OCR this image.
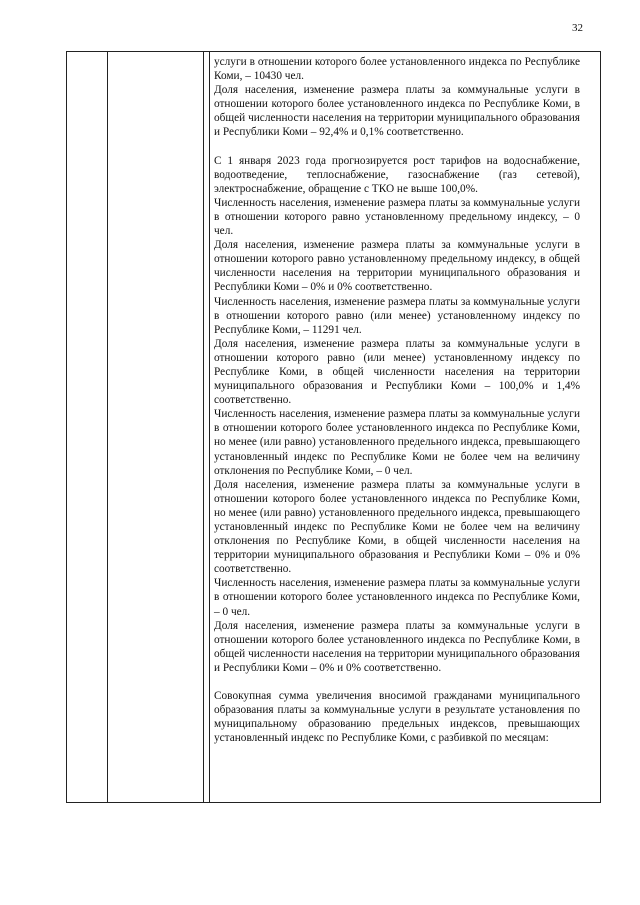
32

услуги в отношении которого более установленного индекса по Республике Коми, – 10430 чел.

Доля населения, изменение размера платы за коммунальные услуги в отношении которого более установленного индекса по Республике Коми, в общей численности населения на территории муниципального образования и Республики Коми – 92,4% и 0,1% соответственно.

С 1 января 2023 года прогнозируется рост тарифов на водоснабжение, водоотведение, теплоснабжение, газоснабжение (газ сетевой), электроснабжение, обращение с ТКО не выше 100,0%.

Численность населения, изменение размера платы за коммунальные услуги в отношении которого равно установленному предельному индексу, – 0 чел.

Доля населения, изменение размера платы за коммунальные услуги в отношении которого равно установленному предельному индексу, в общей численности населения на территории муниципального образования и Республики Коми – 0% и 0% соответственно.

Численность населения, изменение размера платы за коммунальные услуги в отношении которого равно (или менее) установленному индексу по Республике Коми, – 11291 чел.

Доля населения, изменение размера платы за коммунальные услуги в отношении которого равно (или менее) установленному индексу по Республике Коми, в общей численности населения на территории муниципального образования и Республики Коми – 100,0% и 1,4% соответственно.

Численность населения, изменение размера платы за коммунальные услуги в отношении которого более установленного индекса по Республике Коми, но менее (или равно) установленного предельного индекса, превышающего установленный индекс по Республике Коми не более чем на величину отклонения по Республике Коми, – 0 чел.

Доля населения, изменение размера платы за коммунальные услуги в отношении которого более установленного индекса по Республике Коми, но менее (или равно) установленного предельного индекса, превышающего установленный индекс по Республике Коми не более чем на величину отклонения по Республике Коми, в общей численности населения на территории муниципального образования и Республики Коми – 0% и 0% соответственно.

Численность населения, изменение размера платы за коммунальные услуги в отношении которого более установленного индекса по Республике Коми, – 0 чел.

Доля населения, изменение размера платы за коммунальные услуги в отношении которого более установленного индекса по Республике Коми, в общей численности населения на территории муниципального образования и Республики Коми – 0% и 0% соответственно.

Совокупная сумма увеличения вносимой гражданами муниципального образования платы за коммунальные услуги в результате установления по муниципальному образованию предельных индексов, превышающих установленный индекс по Республике Коми, с разбивкой по месяцам:
